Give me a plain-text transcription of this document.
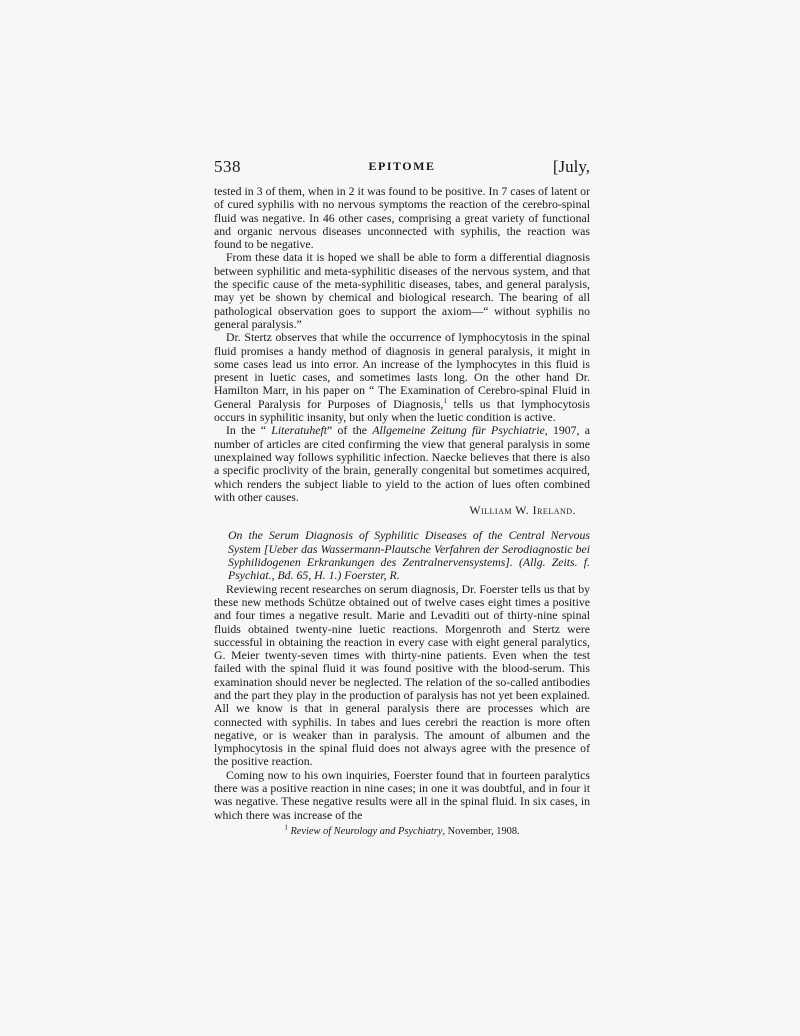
538	EPITOME	[July,

tested in 3 of them, when in 2 it was found to be positive. In 7 cases of latent or of cured syphilis with no nervous symptoms the reaction of the cerebro-spinal fluid was negative. In 46 other cases, comprising a great variety of functional and organic nervous diseases unconnected with syphilis, the reaction was found to be negative.

From these data it is hoped we shall be able to form a differential diagnosis between syphilitic and meta-syphilitic diseases of the nervous system, and that the specific cause of the meta-syphilitic diseases, tabes, and general paralysis, may yet be shown by chemical and biological research. The bearing of all pathological observation goes to support the axiom—“ without syphilis no general paralysis.”

Dr. Stertz observes that while the occurrence of lymphocytosis in the spinal fluid promises a handy method of diagnosis in general paralysis, it might in some cases lead us into error. An increase of the lymphocytes in this fluid is present in luetic cases, and sometimes lasts long. On the other hand Dr. Hamilton Marr, in his paper on “ The Examination of Cerebro-spinal Fluid in General Paralysis for Purposes of Diagnosis,$^1$ tells us that lymphocytosis occurs in syphilitic insanity, but only when the luetic condition is active.

In the “ Literatuheft” of the Allgemeine Zeitung für Psychiatrie, 1907, a number of articles are cited confirming the view that general paralysis in some unexplained way follows syphilitic infection. Naecke believes that there is also a specific proclivity of the brain, generally congenital but sometimes acquired, which renders the subject liable to yield to the action of lues often combined with other causes.

William W. Ireland.

On the Serum Diagnosis of Syphilitic Diseases of the Central Nervous System [Ueber das Wassermann-Plautsche Verfahren der Serodiagnostic bei Syphilidogenen Erkrankungen des Zentralnervensystems]. (Allg. Zeits. f. Psychiat., Bd. 65, H. 1.) Foerster, R.

Reviewing recent researches on serum diagnosis, Dr. Foerster tells us that by these new methods Schütze obtained out of twelve cases eight times a positive and four times a negative result. Marie and Levaditi out of thirty-nine spinal fluids obtained twenty-nine luetic reactions. Morgenroth and Stertz were successful in obtaining the reaction in every case with eight general paralytics, G. Meier twenty-seven times with thirty-nine patients. Even when the test failed with the spinal fluid it was found positive with the blood-serum. This examination should never be neglected. The relation of the so-called antibodies and the part they play in the production of paralysis has not yet been explained. All we know is that in general paralysis there are processes which are connected with syphilis. In tabes and lues cerebri the reaction is more often negative, or is weaker than in paralysis. The amount of albumen and the lymphocytosis in the spinal fluid does not always agree with the presence of the positive reaction.

Coming now to his own inquiries, Foerster found that in fourteen paralytics there was a positive reaction in nine cases; in one it was doubtful, and in four it was negative. These negative results were all in the spinal fluid. In six cases, in which there was increase of the

$^1$ Review of Neurology and Psychiatry, November, 1908.
